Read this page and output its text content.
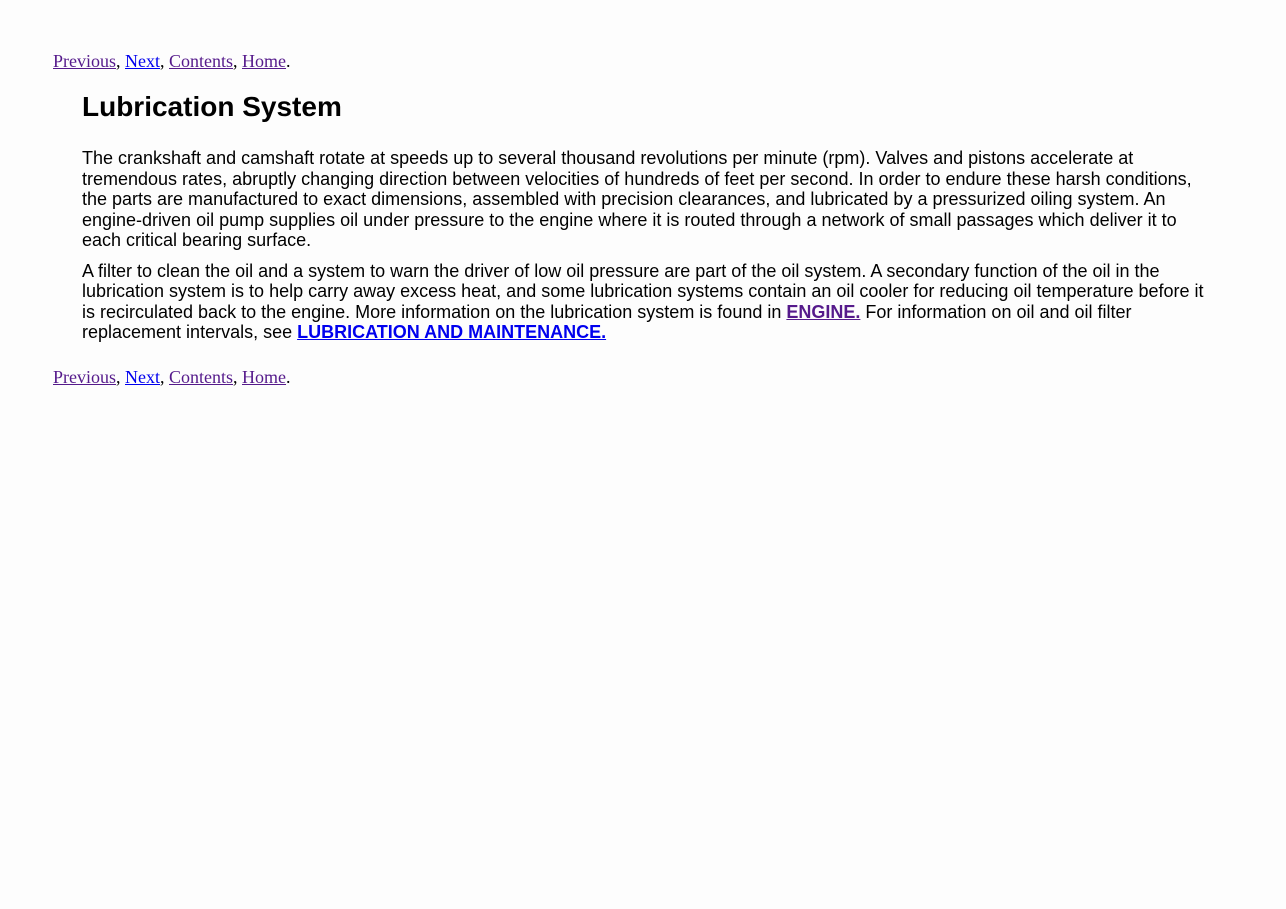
Previous, Next, Contents, Home.
Lubrication System

The crankshaft and camshaft rotate at speeds up to several thousand revolutions per minute (rpm). Valves and pistons accelerate at tremendous rates, abruptly changing direction between velocities of hundreds of feet per second. In order to endure these harsh conditions, the parts are manufactured to exact dimensions, assembled with precision clearances, and lubricated by a pressurized oiling system. An engine-driven oil pump supplies oil under pressure to the engine where it is routed through a network of small passages which deliver it to each critical bearing surface.

A filter to clean the oil and a system to warn the driver of low oil pressure are part of the oil system. A secondary function of the oil in the lubrication system is to help carry away excess heat, and some lubrication systems contain an oil cooler for reducing oil temperature before it is recirculated back to the engine. More information on the lubrication system is found in ENGINE. For information on oil and oil filter replacement intervals, see LUBRICATION AND MAINTENANCE.

Previous, Next, Contents, Home.
